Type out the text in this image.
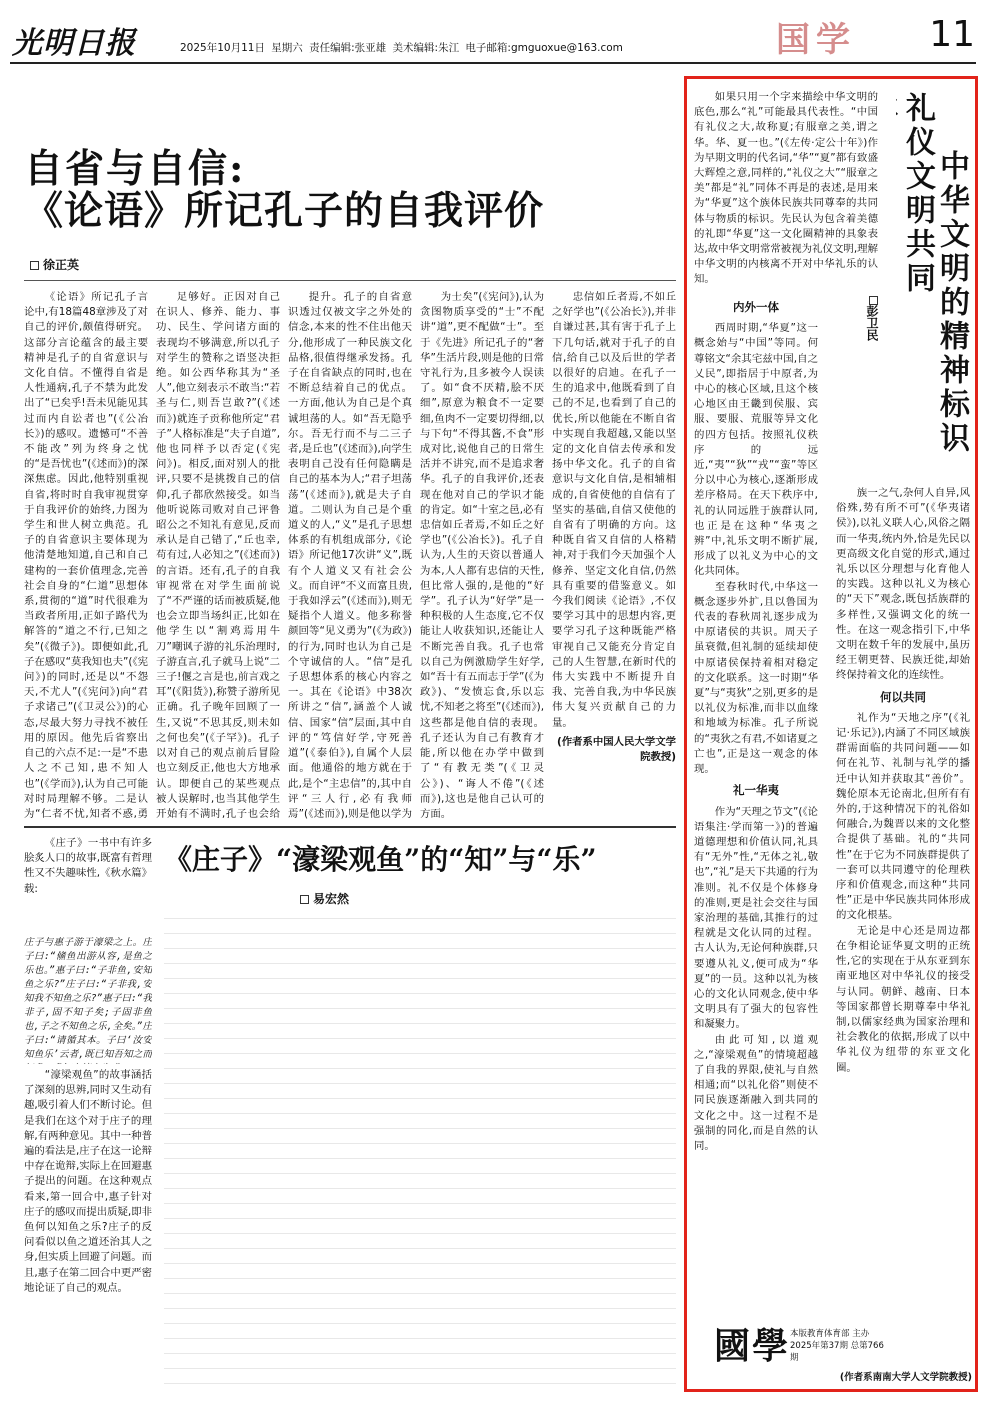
光明日报	2025年10月11日 星期六 责任编辑:张亚雄 美术编辑:朱江 电子邮箱:gmguoxue@163.com	国学	11
自省与自信:
《论语》所记孔子的自我评价
徐正英
《论语》所记孔子言论中,有18篇48章涉及了对自己的评价,颇值得研究。这部分言论蕴含的最主要精神是孔子的自省意识与文化自信。不懂得自省是人性通病,孔子不禁为此发出了“已矣乎!吾未见能见其过而内自讼者也”(《公冶长》)的感叹。遗憾可“不善不能改”列为终身之忧的“是吾忧也”(《述而》)的深深焦虑。因此,他特别重视自省,将时时自我审视贯穿于自我评价的始终,力图为学生和世人树立典范。孔子的自省意识主要体现为他清楚地知道,自己和自己建构的一套价值理念,完善社会自身的“仁道”思想体系,贯彻的“道”时代很难为当政者所用,正如子路代为解答的“道之不行,已知之矣”(《微子》)。即便如此,孔子在感叹“莫我知也夫”(《宪问》)的同时,还是以“不怨天,不尤人”(《宪问》)向“君子求诸己”(《卫灵公》)的心态,尽最大努力寻找不被任用的原因。他先后省察出自己的六点不足:一是“不患人之不己知,患不知人也”(《学而》),认为自己可能对时局理解不够。二是认为“仁者不忧,知者不惑,勇
足够好。正因对自己在识人、修养、能力、事功、民生、学问诸方面的表现均不够满意,所以孔子对学生的赞称之语竖决拒绝。如公西华称其为“圣人”,他立刻表示不敢当:“若圣与仁,则吾岂敢?”(《述而》)就连子贡称他所定“君子”人格标准是“夫子自道”,他也同样予以否定(《宪问》)。相反,面对别人的批评,只要不是挑拨自己的信仰,孔子都欣然接受。如当他听说陈司败对自己评鲁昭公之不知礼有意见,反而承认是自己错了,“丘也幸,苟有过,人必知之”(《述而》)的言语。还有,孔子的自我审视常在对学生面前说了“不严谨的话而被质疑,他也会立即当场纠正,比如在他学生以“割鸡焉用牛刀”嘲讽子游的礼乐治理时,子游直言,孔子就马上说“二三子!偃之言是也,前言戏之耳”(《阳货》),称赞子游所见正确。孔子晚年回顾了一生,又说“不思其反,则未如之何也矣”(《子罕》)。孔子以对自己的观点前后冒险也立刻反正,他也大方地承认。即便自己的某些观点被人误解时,也当其他学生开始有不满时,孔子也会给
提升。孔子的自省意识透过仅被文字之外处的信念,本来的性不住出他天分,他形成了一种民族文化品格,很值得继承发扬。孔子在自省缺点的同时,也在不断总结着自己的优点。一方面,他认为自己是个真诚坦荡的人。如“吾无隐乎尔。吾无行而不与二三子者,是丘也”(《述而》),向学生表明自己没有任何隐瞒是自己的基本为人;“君子坦荡荡”(《述而》),就是夫子自道。二则认为自己是个重道义的人,“义”是孔子思想体系的有机组成部分,《论语》所记他17次讲“义”,既有个人道义又有社会公义。而自评“不义而富且贵,于我如浮云”(《述而》),则无疑指个人道义。他多称誉颜回等“见义勇为”(《为政》)的行为,同时也认为自己是个守诚信的人。“信”是孔子思想体系的核心内容之一。其在《论语》中38次所讲之“信”,涵盖个人诚信、国家“信”层面,其中自评的“笃信好学,守死善道”(《泰伯》),自属个人层面。他通俗的地方就在于此,是个“主忠信”的,其中自评“三人行,必有我师焉”(《述而》),则是他以学为
为士矣”(《宪问》),认为贪图物质享受的“士”不配讲“道”,更不配做“士”。至于《先进》所记孔子的“奢华”生活片段,则是他的日常守礼行为,且多被今人误读了。如“食不厌精,脍不厌细”,原意为粮食不一定要细,鱼肉不一定要切得细,以与下句“不得其酱,不食”形成对比,说他自己的日常生活并不讲究,而不是追求奢华。孔子的自我评价,还表现在他对自己的学识才能的肯定。如“十室之邑,必有忠信如丘者焉,不如丘之好学也”(《公冶长》)。孔子自认为,人生的天资以普通人为本,人人都有忠信的天性,但比常人强的,是他的“好学”。孔子认为“好学”是一种积极的人生态度,它不仅能让人收获知识,还能让人不断完善自我。孔子也常以自己为例激励学生好学,如“吾十有五而志于学”(《为政》)、“发愤忘食,乐以忘忧,不知老之将至”(《述而》),这些都是他自信的表现。孔子还认为自己有教育才能,所以他在办学中做到了“有教无类”(《卫灵公》)、“诲人不倦”(《述而》),这也是他自己认可的方面。
忠信如丘者焉,不如丘之好学也”(《公冶长》),并非自谦过甚,其有害于孔子上下几句话,就对于孔子的自信,给自己以及后世的学者以很好的启迪。在孔子一生的追求中,他既看到了自己的不足,也看到了自己的优长,所以他能在不断自省中实现自我超越,又能以坚定的文化自信去传承和发扬中华文化。孔子的自省意识与文化自信,是相辅相成的,自省使他的自信有了坚实的基础,自信又使他的自省有了明确的方向。这种既自省又自信的人格精神,对于我们今天加强个人修养、坚定文化自信,仍然具有重要的借鉴意义。如今我们阅读《论语》,不仅要学习其中的思想内容,更要学习孔子这种既能严格审视自己又能充分肯定自己的人生智慧,在新时代的伟大实践中不断提升自我、完善自我,为中华民族伟大复兴贡献自己的力量。
(作者系中国人民大学文学院教授)
《庄子》一书中有许多脍炙人口的故事,既富有哲理性又不失趣味性,《秋水篇》载:
庄子与惠子游于濠梁之上。庄子曰:“鯈鱼出游从容,是鱼之乐也。”惠子曰:“子非鱼,安知鱼之乐?”庄子曰:“子非我,安知我不知鱼之乐?”惠子曰:“我非子,固不知子矣;子固非鱼也,子之不知鱼之乐,全矣。”庄子曰:“请循其本。子曰‘汝安知鱼乐’云者,既已知吾知之而
“濠梁观鱼”的故事涵括了深刻的思辨,同时又生动有趣,吸引着人们不断讨论。但是我们在这个对于庄子的理解,有两种意见。其中一种普遍的看法是,庄子在这一论辩中存在诡辩,实际上在回避惠子提出的问题。在这种观点看来,第一回合中,惠子针对庄子的感叹而提出质疑,即非鱼何以知鱼之乐?庄子的反问看似以鱼之道还治其人之身,但实质上回避了问题。而且,惠子在第二回合中更严密地论证了自己的观点。
《庄子》“濠梁观鱼”的“知”与“乐”
易宏然
如果只用一个字来描绘中华文明的底色,那么“礼”可能最具代表性。“中国有礼仪之大,故称夏;有服章之美,谓之华。华、夏一也。”(《左传·定公十年》)作为早期文明的代名词,“华”“夏”都有致盛大辉煌之意,同样的,“礼仪之大”“服章之美”都是“礼”同体不再是的表述,是用来为“华夏”这个族体民族共同尊奉的共同体与物质的标识。先民认为包含着美德的礼即“华夏”这一文化圈精神的具象表达,故中华文明常常被视为礼仪文明,理解中华文明的内核离不开对中华礼乐的认知。
礼仪文明共同 中华文明的精神标识
彭卫民
内外一体
西周时期,“华夏”这一概念始与“中国”等同。何尊铭文“余其宅兹中国,自之乂民”,即指居于中原者,为中心的核心区域,且这个核心地区由王畿到侯服、宾服、要服、荒服等异文化的四方包括。按照礼仪秩序的远近,“夷”“狄”“戎”“蛮”等区分以中心为核心,逐渐形成差序格局。在天下秩序中,礼的认同远胜于族群认同,也正是在这种“华夷之辨”中,礼乐文明不断扩展,形成了以礼义为中心的文化共同体。
至春秋时代,中华这一概念逐步外扩,且以鲁国为代表的春秋周礼逐步成为中原诸侯的共识。周天子虽衰微,但礼制的延续却使中原诸侯保持着相对稳定的文化联系。这一时期“华夏”与“夷狄”之别,更多的是以礼仪为标准,而非以血缘和地域为标准。孔子所说的“夷狄之有君,不如诸夏之亡也”,正是这一观念的体现。
礼一华夷
作为“天理之节文”(《论语集注·学而第一》)的普遍道德理想和价值认同,礼具有“无外”性,“无体之礼,敬也”,“礼”是天下共通的行为准则。礼不仅是个体修身的准则,更是社会交往与国家治理的基础,其推行的过程就是文化认同的过程。古人认为,无论何种族群,只要遵从礼义,便可成为“华夏”的一员。这种以礼为核心的文化认同观念,使中华文明具有了强大的包容性和凝聚力。
由此可知,以道观之,“濠梁观鱼”的情境超越了自我的界限,使礼与自然相通;而“以礼化俗”则使不同民族逐渐融入到共同的文化之中。这一过程不是强制的同化,而是自然的认同。
族一之气,杂何人自异,风俗殊,势有所不可”(《华夷诸侯》),以礼义联人心,风俗之隔而一华夷,统内外,恰是先民以更高级文化自觉的形式,通过礼乐以区分理想与化育他人的实践。这种以礼义为核心的“天下”观念,既包括族群的多样性,又强调文化的统一性。在这一观念指引下,中华文明在数千年的发展中,虽历经王朝更替、民族迁徙,却始终保持着文化的连续性。
何以共同
礼作为“天地之序”(《礼记·乐记》),内涵了不同区域族群需面临的共同问题——如何在礼节、礼制与礼学的播迁中认知并获取其“善价”。魏伦原本无论南北,但所有有外的,于这种情况下的礼俗如何融合,为魏晋以来的文化整合提供了基础。礼的“共同性”在于它为不同族群提供了一套可以共同遵守的伦理秩序和价值观念,而这种“共同性”正是中华民族共同体形成的文化根基。
无论是中心还是周边都在争相论证华夏文明的正统性,它的实现在于从东亚到东南亚地区对中华礼仪的接受与认同。朝鲜、越南、日本等国家都曾长期尊奉中华礼制,以儒家经典为国家治理和社会教化的依据,形成了以中华礼仪为纽带的东亚文化圈。
(作者系南南大学人文学院教授)
國學 本版教育体育部 主办
2025年第37期 总第766期
